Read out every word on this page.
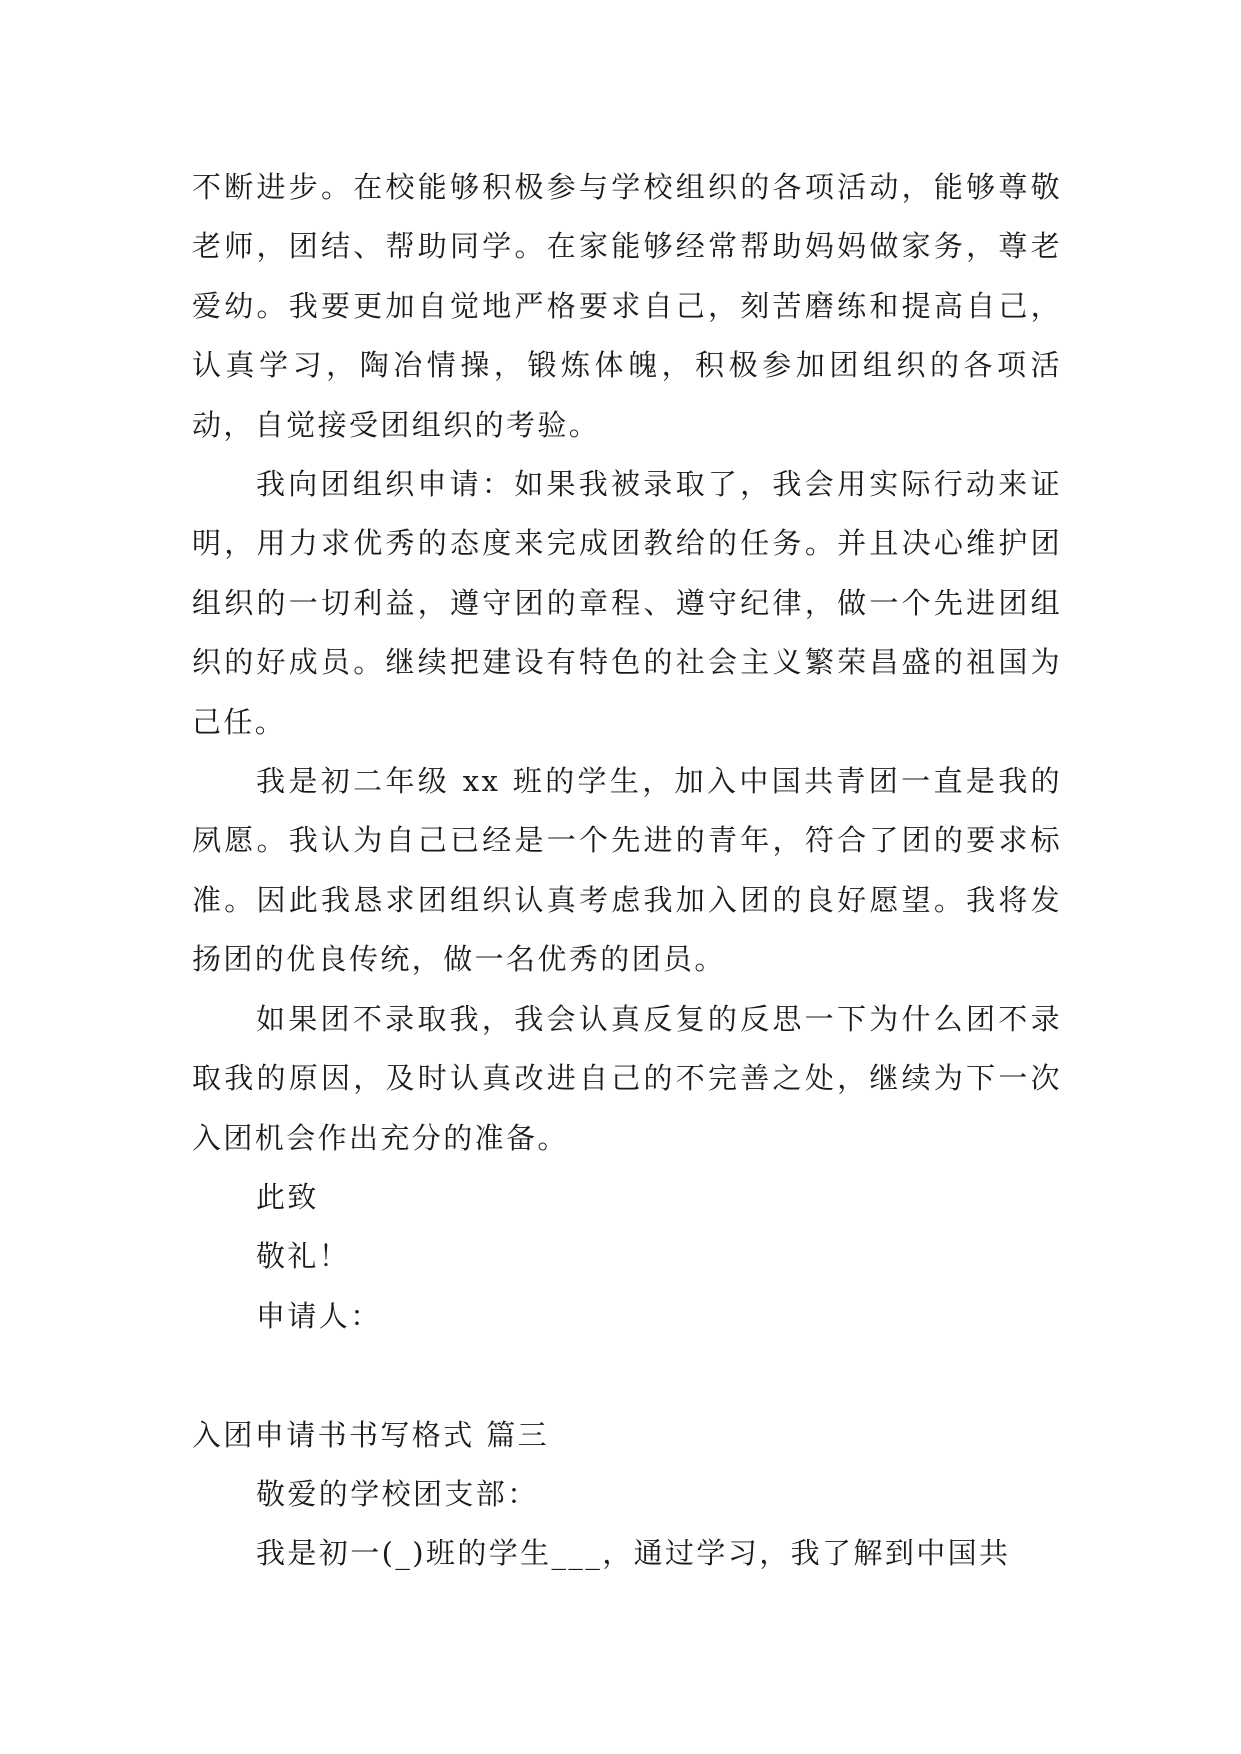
不断进步。在校能够积极参与学校组织的各项活动，能够尊敬老师，团结、帮助同学。在家能够经常帮助妈妈做家务，尊老爱幼。我要更加自觉地严格要求自己，刻苦磨练和提高自己，认真学习，陶冶情操，锻炼体魄，积极参加团组织的各项活动，自觉接受团组织的考验。

我向团组织申请：如果我被录取了，我会用实际行动来证明，用力求优秀的态度来完成团教给的任务。并且决心维护团组织的一切利益，遵守团的章程、遵守纪律，做一个先进团组织的好成员。继续把建设有特色的社会主义繁荣昌盛的祖国为己任。

我是初二年级 xx 班的学生，加入中国共青团一直是我的夙愿。我认为自己已经是一个先进的青年，符合了团的要求标准。因此我恳求团组织认真考虑我加入团的良好愿望。我将发扬团的优良传统，做一名优秀的团员。

如果团不录取我，我会认真反复的反思一下为什么团不录取我的原因，及时认真改进自己的不完善之处，继续为下一次入团机会作出充分的准备。

此致

敬礼！

申请人：

入团申请书书写格式 篇三

敬爱的学校团支部：

我是初一(_)班的学生___，通过学习，我了解到中国共
